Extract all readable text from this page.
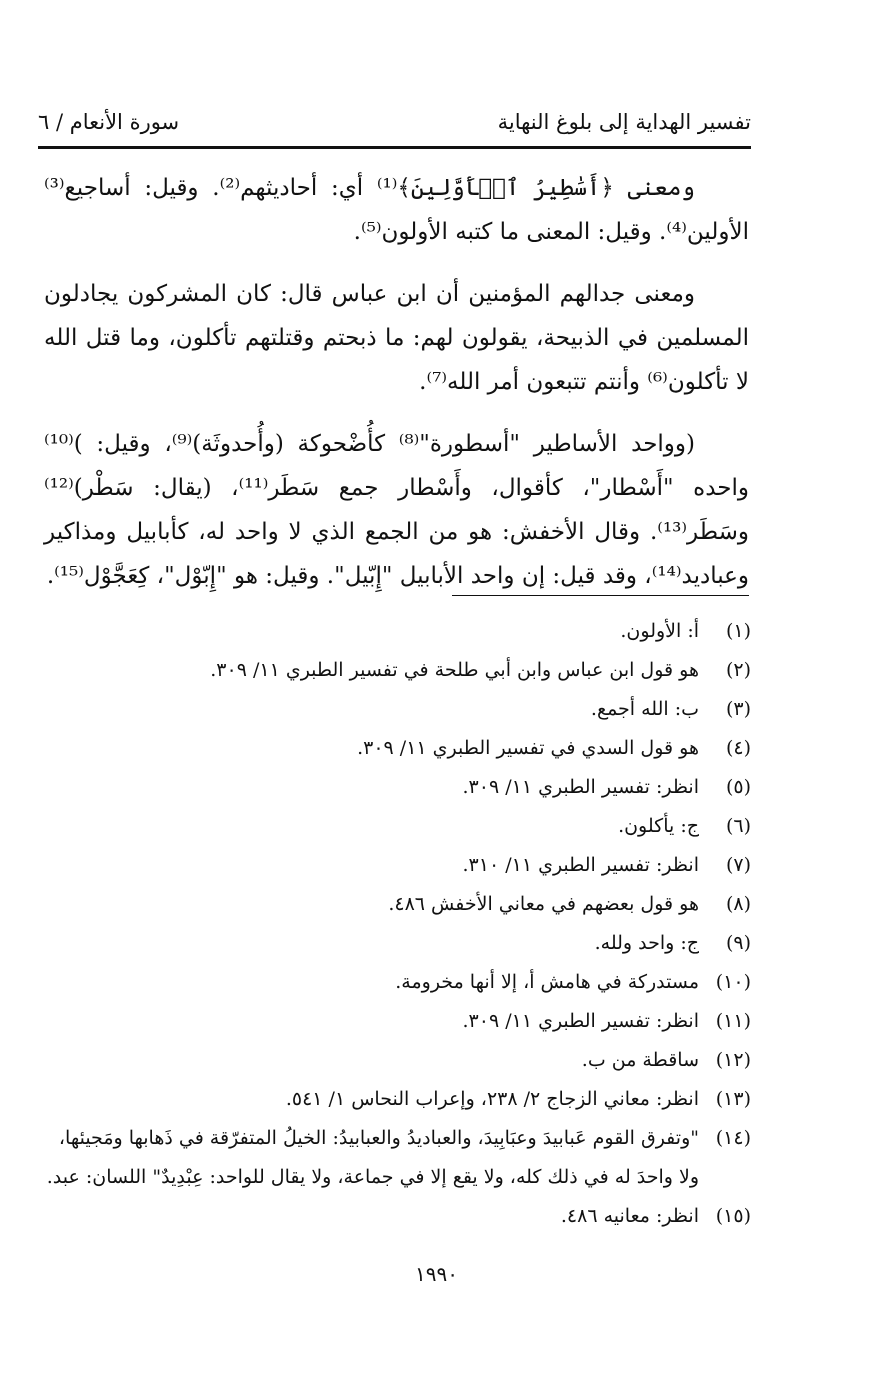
تفسير الهداية إلى بلوغ النهاية
سورة الأنعام / ٦

ومعنى ﴿أَسَٰطِيرُ ٱلۡأَوَّلِينَ﴾⁽¹⁾ أي: أحاديثهم⁽²⁾. وقيل: أساجيع⁽³⁾ الأولين⁽⁴⁾. وقيل: المعنى ما كتبه الأولون⁽⁵⁾.

ومعنى جدالهم المؤمنين أن ابن عباس قال: كان المشركون يجادلون المسلمين في الذبيحة، يقولون لهم: ما ذبحتم وقتلتهم تأكلون، وما قتل الله لا تأكلون⁽⁶⁾ وأنتم تتبعون أمر الله⁽⁷⁾.

(وواحد الأساطير "أسطورة"⁽⁸⁾ كأُضْحوكة (وأُحدوثَة)⁽⁹⁾، وقيل: )⁽¹⁰⁾ واحده "أَسْطار"، كأقوال، وأَسْطار جمع سَطَر⁽¹¹⁾، (يقال: سَطْر)⁽¹²⁾ وسَطَر⁽¹³⁾. وقال الأخفش: هو من الجمع الذي لا واحد له، كأبابيل ومذاكير وعباديد⁽¹⁴⁾، وقد قيل: إن واحد الأبابيل "إِبّيل". وقيل: هو "إِبّوْل"، كِعَجَّوْل⁽¹⁵⁾.

(١)
أ: الأولون.
(٢)
هو قول ابن عباس وابن أبي طلحة في تفسير الطبري ١١/ ٣٠٩.
(٣)
ب: الله أجمع.
(٤)
هو قول السدي في تفسير الطبري ١١/ ٣٠٩.
(٥)
انظر: تفسير الطبري ١١/ ٣٠٩.
(٦)
ج: يأكلون.
(٧)
انظر: تفسير الطبري ١١/ ٣١٠.
(٨)
هو قول بعضهم في معاني الأخفش ٤٨٦.
(٩)
ج: واحد ولله.
(١٠)
مستدركة في هامش أ، إلا أنها مخرومة.
(١١)
انظر: تفسير الطبري ١١/ ٣٠٩.
(١٢)
ساقطة من ب.
(١٣)
انظر: معاني الزجاج ٢/ ٢٣٨، وإعراب النحاس ١/ ٥٤١.
(١٤)
"وتفرق القوم عَبابيدَ وعبَابِيدَ، والعباديدُ والعبابيدُ: الخيلُ المتفرّقة في ذَهابها ومَجيئها، ولا واحدَ له في ذلك كله، ولا يقع إلا في جماعة، ولا يقال للواحد: عِبْدِيدٌ" اللسان: عبد.
(١٥)
انظر: معانيه ٤٨٦.
١٩٩٠
